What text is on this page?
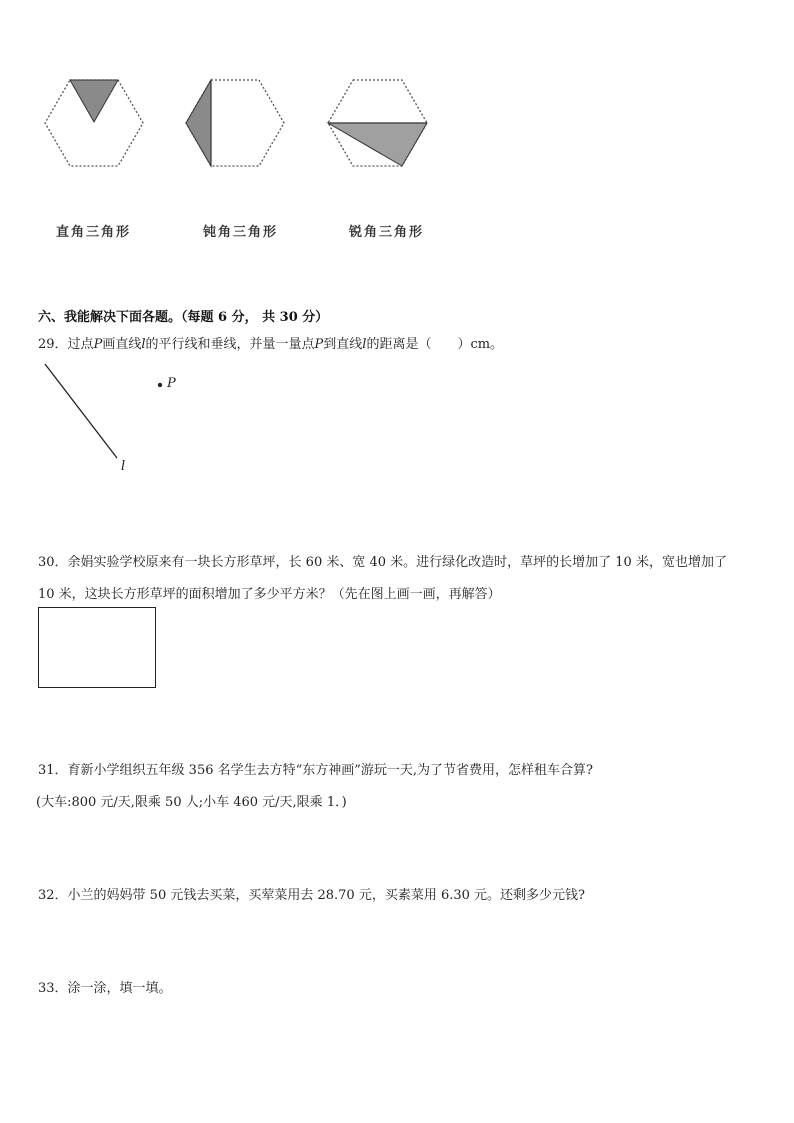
直角三角形	钝角三角形	锐角三角形
六、我能解决下面各题。（每题 6 分， 共 30 分）
29．过点P画直线l的平行线和垂线，并量一量点P到直线l的距离是（　　）cm。
P
l
30．余娟实验学校原来有一块长方形草坪，长 60 米、宽 40 米。进行绿化改造时，草坪的长增加了 10 米，宽也增加了
10 米，这块长方形草坪的面积增加了多少平方米？（先在图上画一画，再解答）
31．育新小学组织五年级 356 名学生去方特“东方神画”游玩一天,为了节省费用，怎样租车合算?
(大车:800 元/天,限乘 50 人;小车 460 元/天,限乘 1．)
32．小兰的妈妈带 50 元钱去买菜，买荤菜用去 28.70 元，买素菜用 6.30 元。还剩多少元钱?
33．涂一涂，填一填。
